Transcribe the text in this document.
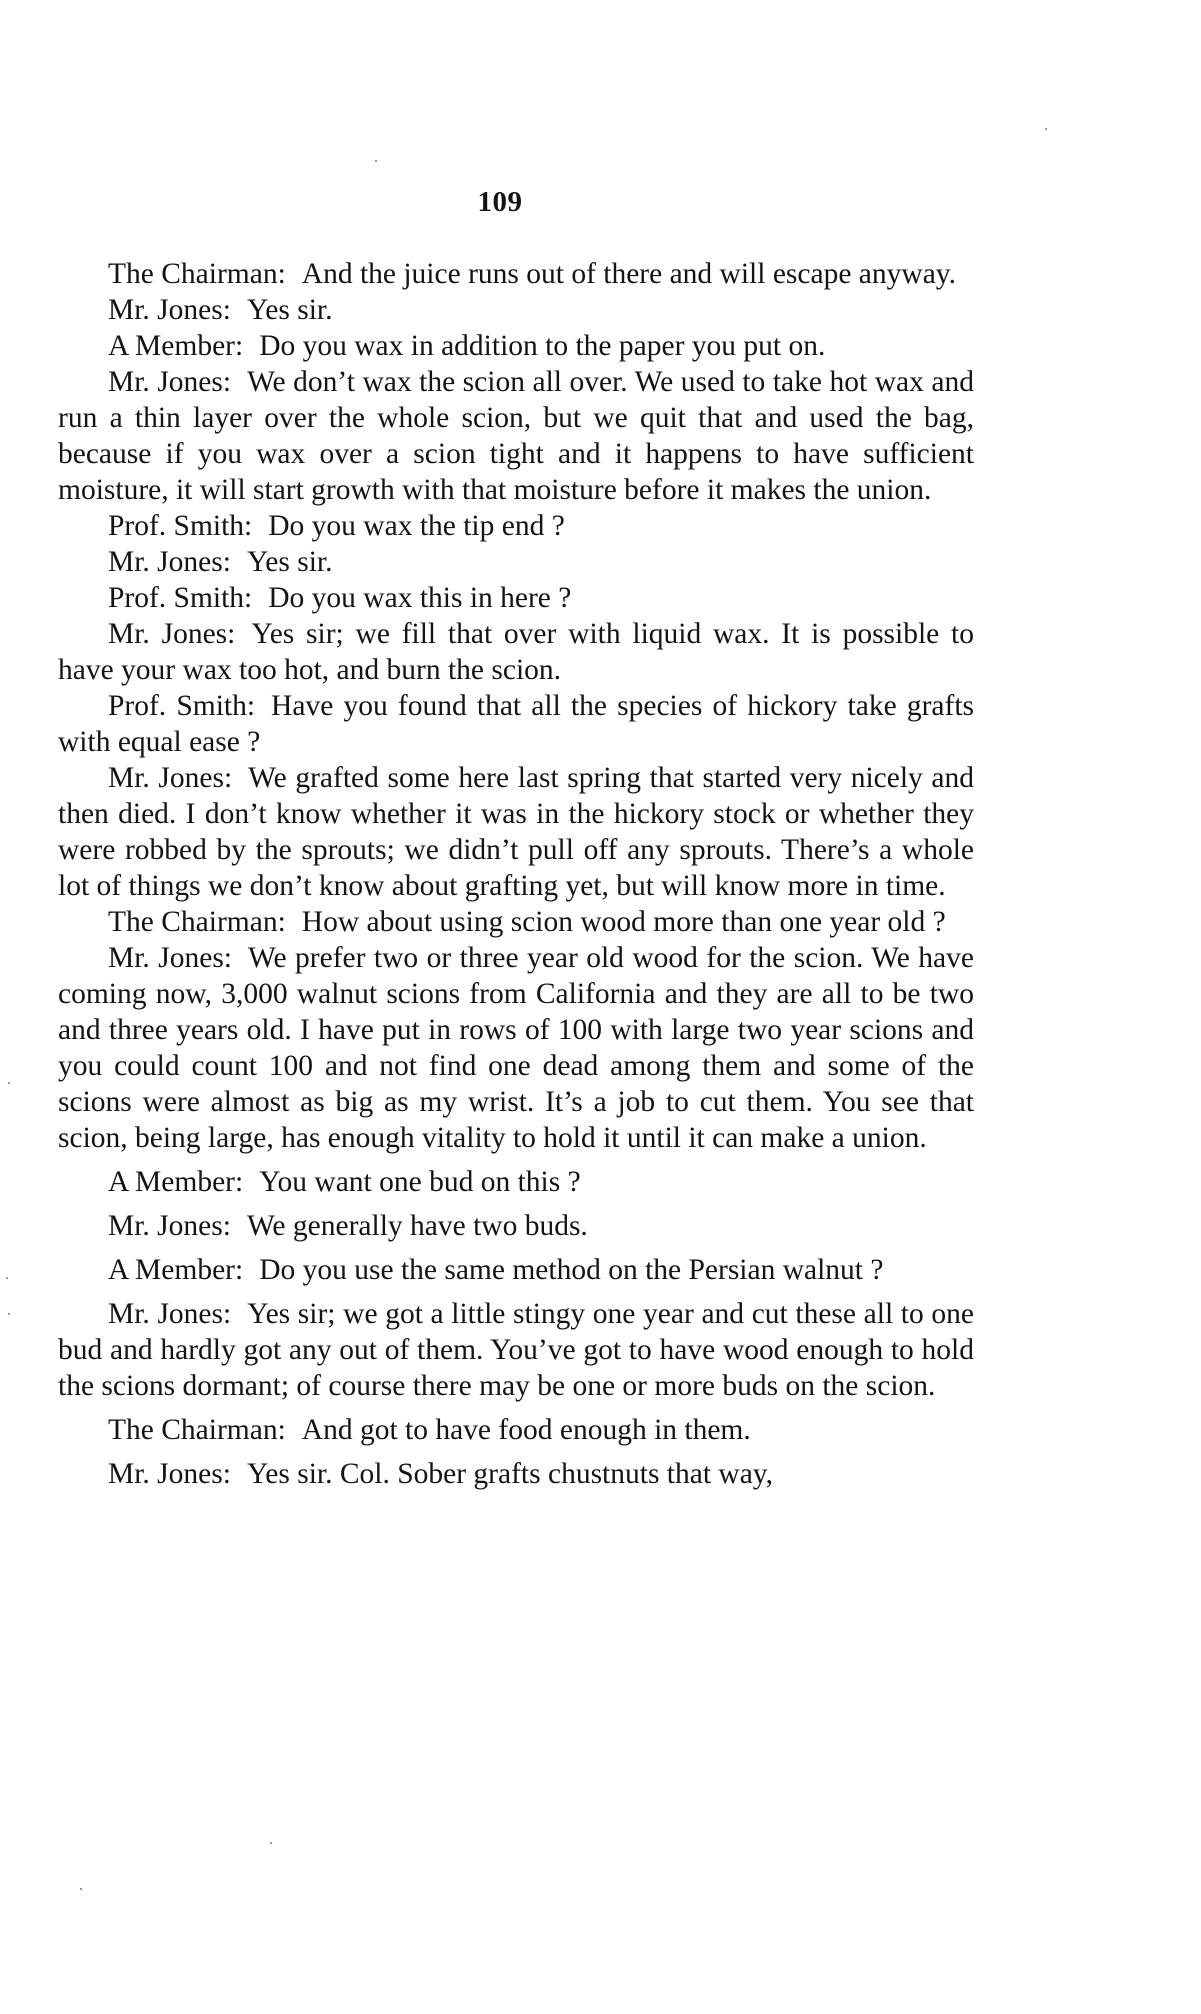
109

The Chairman: And the juice runs out of there and will escape anyway.

Mr. Jones: Yes sir.

A Member: Do you wax in addition to the paper you put on.

Mr. Jones: We don’t wax the scion all over. We used to take hot wax and run a thin layer over the whole scion, but we quit that and used the bag, because if you wax over a scion tight and it happens to have sufficient moisture, it will start growth with that moisture before it makes the union.

Prof. Smith: Do you wax the tip end ?

Mr. Jones: Yes sir.

Prof. Smith: Do you wax this in here ?

Mr. Jones: Yes sir; we fill that over with liquid wax. It is possible to have your wax too hot, and burn the scion.

Prof. Smith: Have you found that all the species of hickory take grafts with equal ease ?

Mr. Jones: We grafted some here last spring that started very nicely and then died. I don’t know whether it was in the hickory stock or whether they were robbed by the sprouts; we didn’t pull off any sprouts. There’s a whole lot of things we don’t know about grafting yet, but will know more in time.

The Chairman: How about using scion wood more than one year old ?

Mr. Jones: We prefer two or three year old wood for the scion. We have coming now, 3,000 walnut scions from California and they are all to be two and three years old. I have put in rows of 100 with large two year scions and you could count 100 and not find one dead among them and some of the scions were almost as big as my wrist. It’s a job to cut them. You see that scion, being large, has enough vitality to hold it until it can make a union.

A Member: You want one bud on this ?

Mr. Jones: We generally have two buds.

A Member: Do you use the same method on the Persian walnut ?

Mr. Jones: Yes sir; we got a little stingy one year and cut these all to one bud and hardly got any out of them. You’ve got to have wood enough to hold the scions dormant; of course there may be one or more buds on the scion.

The Chairman: And got to have food enough in them.

Mr. Jones: Yes sir. Col. Sober grafts chustnuts that way,
